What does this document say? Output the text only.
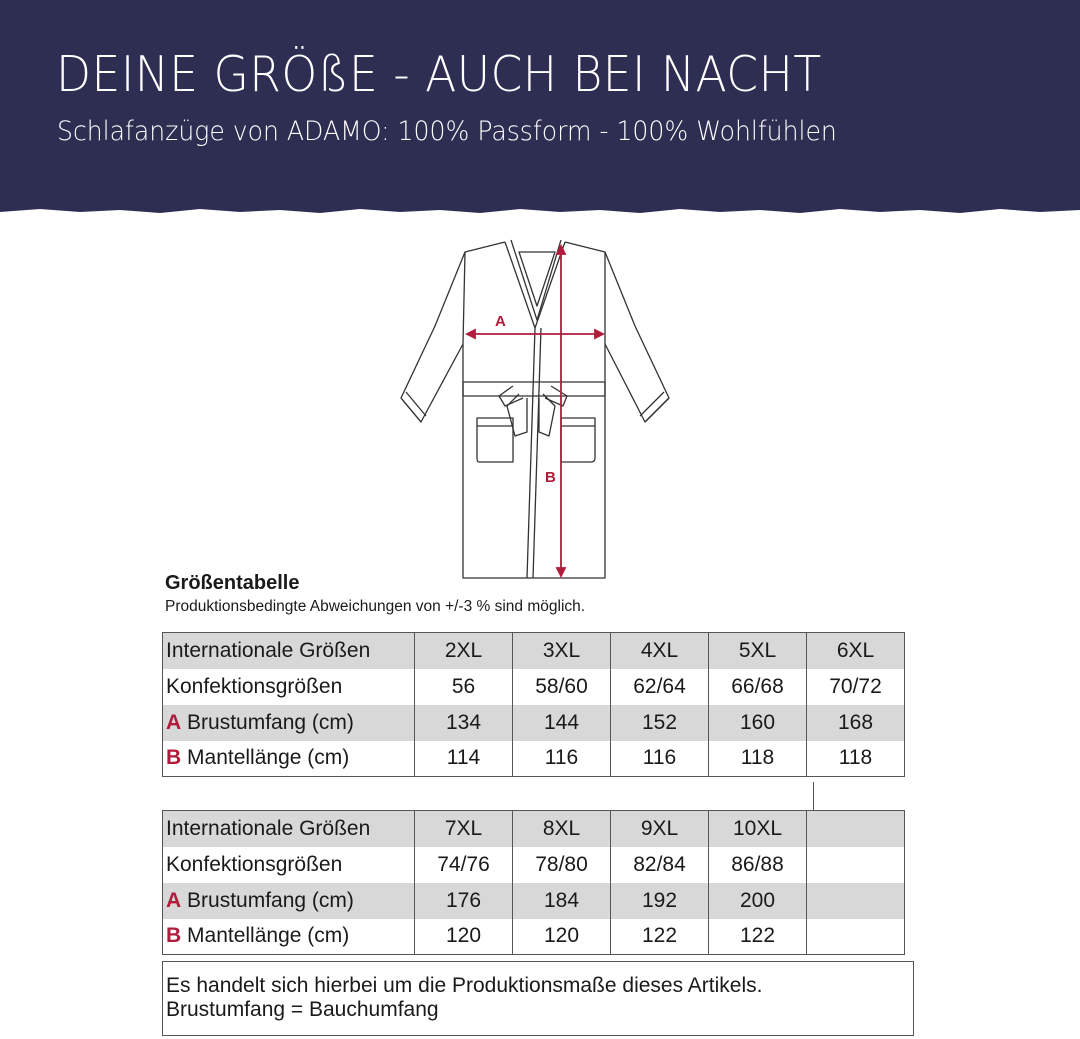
DEINE GRÖßE - AUCH BEI NACHT

Schlafanzüge von ADAMO: 100% Passform - 100% Wohlfühlen

A
B
Größentabelle

Produktionsbedingte Abweichungen von +/-3 % sind möglich.

Internationale Größen	2XL	3XL	4XL	5XL	6XL
Konfektionsgrößen	56	58/60	62/64	66/68	70/72
A Brustumfang (cm)	134	144	152	160	168
B Mantellänge (cm)	114	116	116	118	118
Internationale Größen	7XL	8XL	9XL	10XL	
Konfektionsgrößen	74/76	78/80	82/84	86/88	
A Brustumfang (cm)	176	184	192	200	
B Mantellänge (cm)	120	120	122	122	

Es handelt sich hierbei um die Produktionsmaße dieses Artikels.

Brustumfang = Bauchumfang
